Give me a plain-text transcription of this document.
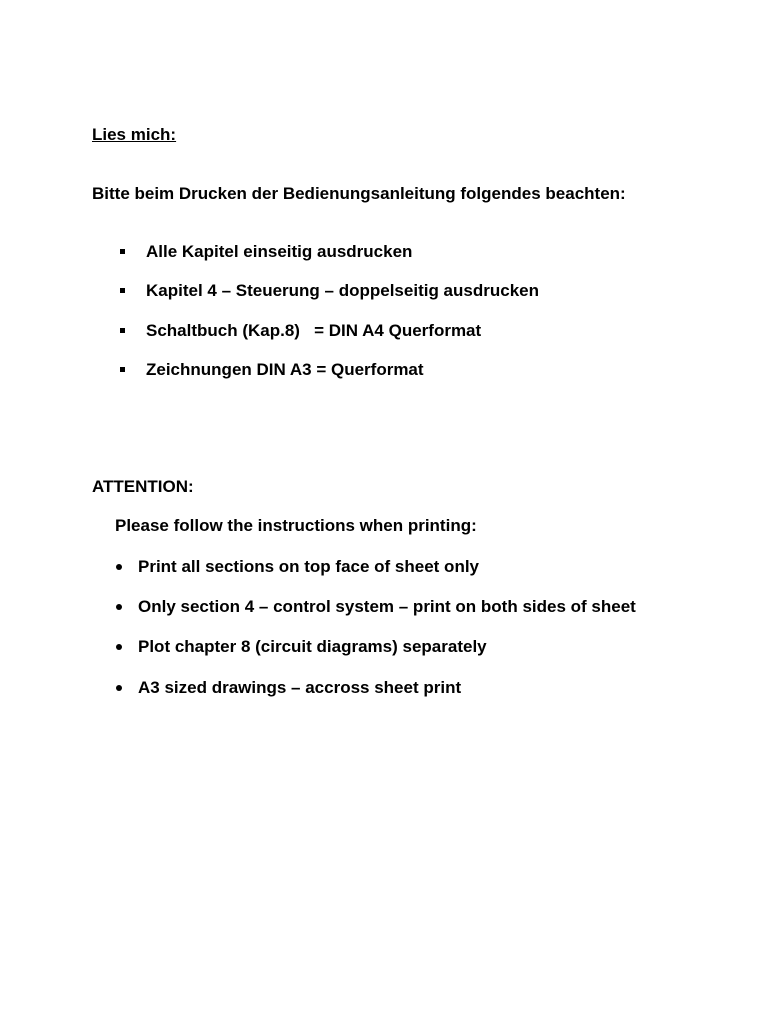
Lies mich:
Bitte beim Drucken der Bedienungsanleitung folgendes beachten:
Alle Kapitel einseitig ausdrucken
Kapitel 4 – Steuerung – doppelseitig ausdrucken
Schaltbuch (Kap.8)   = DIN A4 Querformat
Zeichnungen DIN A3 = Querformat
ATTENTION:
Please follow the instructions when printing:
Print all sections on top face of sheet only
Only section 4 – control system – print on both sides of sheet
Plot chapter 8 (circuit diagrams) separately
A3 sized drawings – accross sheet print
